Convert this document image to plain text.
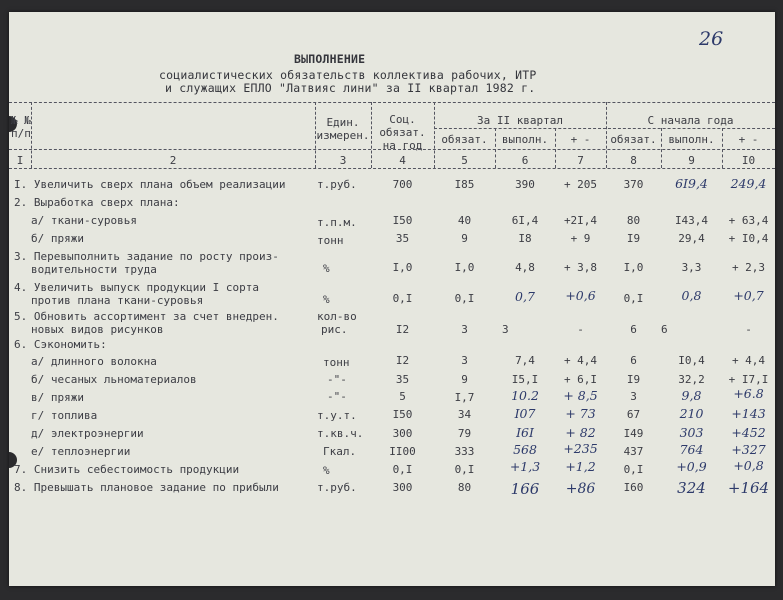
26
ВЫПОЛНЕНИЕ
социалистических обязательств коллектива рабочих, ИТР
и служащих ЕПЛО "Латвияс лини" за II квартал 1982 г.
№ №
п/п
Един.
измерен.
Соц.
обязат.
на год
За II квартал	С начала года
обязат.	выполн.	+ -	обязат.	выполн.	+ -
I	2	3	4	5	6	7	8	9	I0
I. Увеличить сверх плана объем реализации	т.руб.	700	I85	390	+ 205	370	6I9,4	249,4
2. Выработка сверх плана:
а/ ткани-суровья	т.п.м.	I50	40	6I,4	+2I,4	80	I43,4	+ 63,4
б/ пряжи	тонн	35	9	I8	+ 9	I9	29,4	+ I0,4
3. Перевыполнить задание по росту произ-
водительности труда	%	I,0	I,0	4,8	+ 3,8	I,0	3,3	+ 2,3
4. Увеличить выпуск продукции I сорта
против плана ткани-суровья	%	0,I	0,I	0,7	+0,6	0,I	0,8	+0,7
5. Обновить ассортимент за счет внедрен.
новых видов рисунков
кол-во
рис.	I2	3	3	-	6	6	-
6. Сэкономить:
а/ длинного волокна	тонн	I2	3	7,4	+ 4,4	6	I0,4	+ 4,4
б/ чесаных льноматериалов	-"-	35	9	I5,I	+ 6,I	I9	32,2	+ I7,I
в/ пряжи	-"-	5	I,7	10.2	+ 8,5	3	9,8	+6.8
г/ топлива	т.у.т.	I50	34	I07	+ 73	67	210	+143
д/ электроэнергии	т.кв.ч.	300	79	I6I	+ 82	I49	303	+452
е/ теплоэнергии	Гкал.	II00	333	568	+235	437	764	+327
7. Снизить себестоимость продукции	%	0,I	0,I	+1,3	+1,2	0,I	+0,9	+0,8
8. Превышать плановое задание по прибыли	т.руб.	300	80	166	+86	I60	324	+164
